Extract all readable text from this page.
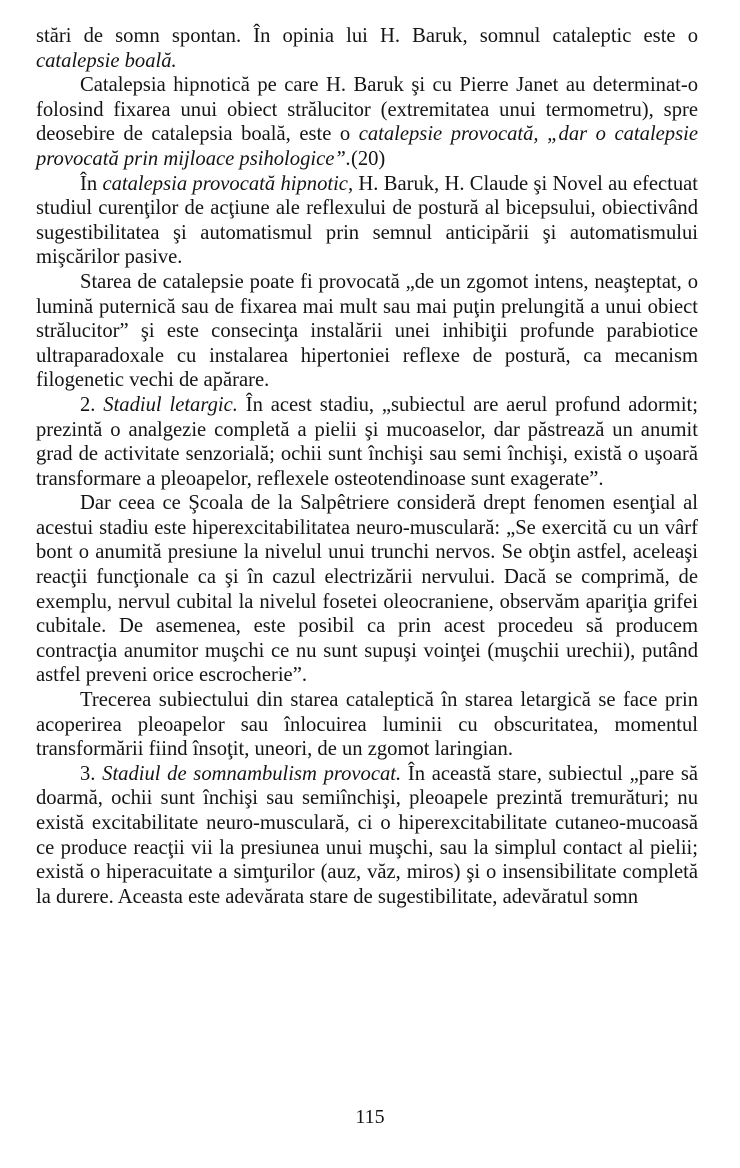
stări de somn spontan. În opinia lui H. Baruk, somnul cataleptic este o catalepsie boală.

Catalepsia hipnotică pe care H. Baruk şi cu Pierre Janet au determinat-o folosind fixarea unui obiect strălucitor (extremitatea unui termometru), spre deosebire de catalepsia boală, este o catalepsie provocată, „dar o catalepsie provocată prin mijloace psihologice”.(20)

În catalepsia provocată hipnotic, H. Baruk, H. Claude şi Novel au efectuat studiul curenţilor de acţiune ale reflexului de postură al bicepsului, obiectivând sugestibilitatea şi automatismul prin semnul anticipării şi automatismului mişcărilor pasive.

Starea de catalepsie poate fi provocată „de un zgomot intens, neaşteptat, o lumină puternică sau de fixarea mai mult sau mai puţin prelungită a unui obiect strălucitor” şi este consecinţa instalării unei inhibiţii profunde parabiotice ultraparadoxale cu instalarea hipertoniei reflexe de postură, ca mecanism filogenetic vechi de apărare.

2. Stadiul letargic. În acest stadiu, „subiectul are aerul profund adormit; prezintă o analgezie completă a pielii şi mucoaselor, dar păstrează un anumit grad de activitate senzorială; ochii sunt închişi sau semi închişi, există o uşoară transformare a pleoapelor, reflexele osteotendinoase sunt exagerate”.

Dar ceea ce Şcoala de la Salpêtriere consideră drept fenomen esenţial al acestui stadiu este hiperexcitabilitatea neuro-musculară: „Se exercită cu un vârf bont o anumită presiune la nivelul unui trunchi nervos. Se obţin astfel, aceleaşi reacţii funcţionale ca şi în cazul electrizării nervului. Dacă se comprimă, de exemplu, nervul cubital la nivelul fosetei oleocraniene, observăm apariţia grifei cubitale. De asemenea, este posibil ca prin acest procedeu să producem contracţia anumitor muşchi ce nu sunt supuşi voinţei (muşchii urechii), putând astfel preveni orice escrocherie”.

Trecerea subiectului din starea cataleptică în starea letargică se face prin acoperirea pleoapelor sau înlocuirea luminii cu obscuritatea, momentul transformării fiind însoţit, uneori, de un zgomot laringian.

3. Stadiul de somnambulism provocat. În această stare, subiectul „pare să doarmă, ochii sunt închişi sau semiînchişi, pleoapele prezintă tremurături; nu există excitabilitate neuro-musculară, ci o hiperexcitabilitate cutaneo-mucoasă ce produce reacţii vii la presiunea unui muşchi, sau la simplul contact al pielii; există o hiperacuitate a simţurilor (auz, văz, miros) şi o insensibilitate completă la durere. Aceasta este adevărata stare de sugestibilitate, adevăratul somn

115
